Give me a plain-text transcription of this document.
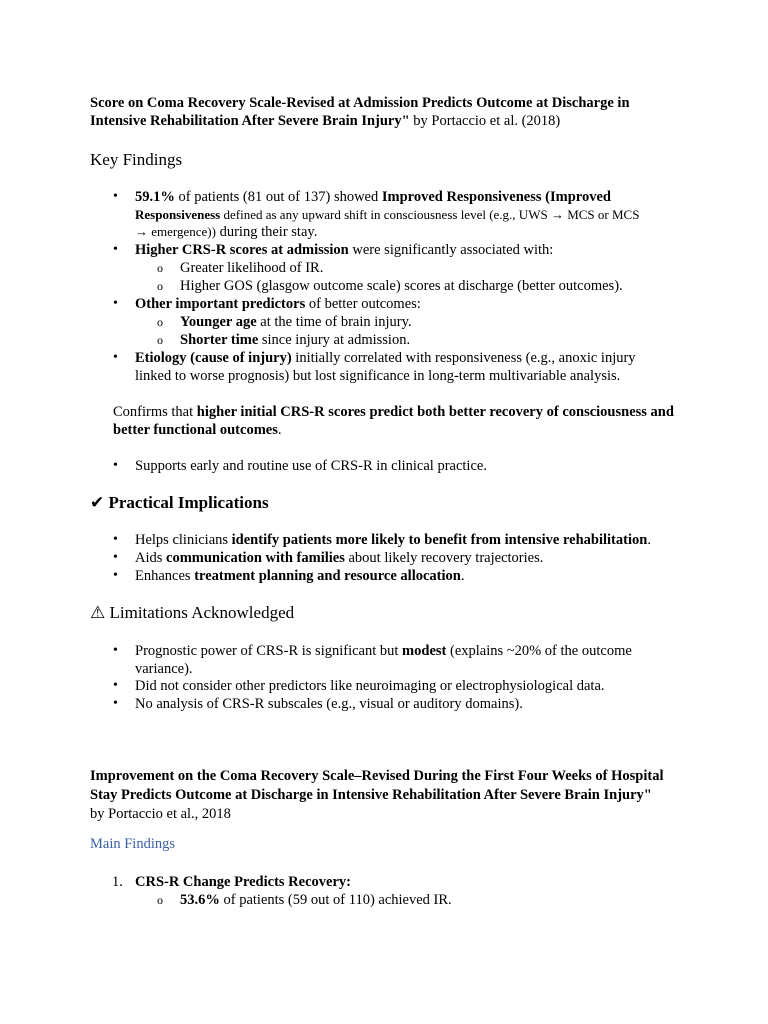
Score on Coma Recovery Scale-Revised at Admission Predicts Outcome at Discharge in Intensive Rehabilitation After Severe Brain Injury" by Portaccio et al. (2018)

Key Findings

• 59.1% of patients (81 out of 137) showed Improved Responsiveness (Improved

Responsiveness defined as any upward shift in consciousness level (e.g., UWS → MCS or MCS

→ emergence)) during their stay.

• Higher CRS-R scores at admission were significantly associated with:

o Greater likelihood of IR.

o Higher GOS (glasgow outcome scale) scores at discharge (better outcomes).

• Other important predictors of better outcomes:

o Younger age at the time of brain injury.

o Shorter time since injury at admission.

• Etiology (cause of injury) initially correlated with responsiveness (e.g., anoxic injury linked to worse prognosis) but lost significance in long-term multivariable analysis.

Confirms that higher initial CRS-R scores predict both better recovery of consciousness and better functional outcomes.

• Supports early and routine use of CRS-R in clinical practice.

✔ Practical Implications

• Helps clinicians identify patients more likely to benefit from intensive rehabilitation.

• Aids communication with families about likely recovery trajectories.

• Enhances treatment planning and resource allocation.

⚠ Limitations Acknowledged

• Prognostic power of CRS-R is significant but modest (explains ~20% of the outcome variance).

• Did not consider other predictors like neuroimaging or electrophysiological data.

• No analysis of CRS-R subscales (e.g., visual or auditory domains).

Improvement on the Coma Recovery Scale–Revised During the First Four Weeks of Hospital Stay Predicts Outcome at Discharge in Intensive Rehabilitation After Severe Brain Injury" by Portaccio et al., 2018

Main Findings

1. CRS-R Change Predicts Recovery:

o 53.6% of patients (59 out of 110) achieved IR.
